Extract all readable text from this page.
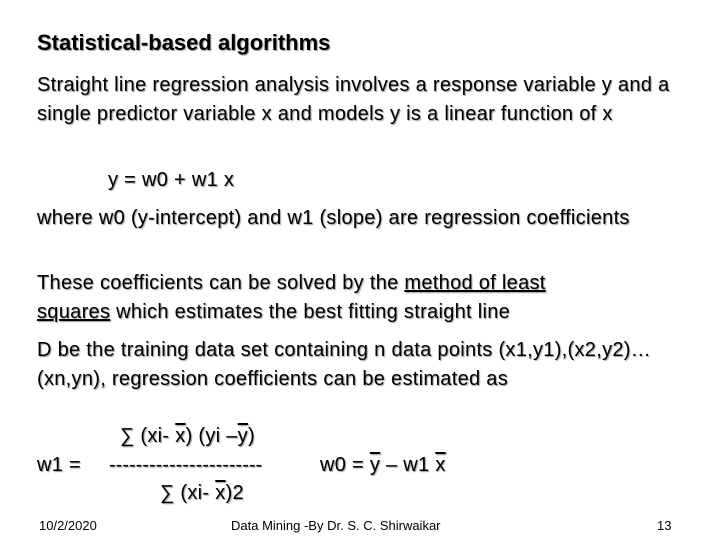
Statistical-based algorithms
Straight line regression analysis involves a response variable y and a single predictor variable x and models y is a linear function of x
y = w0 + w1 x
where w0 (y-intercept) and w1 (slope) are regression coefficients
These coefficients can be solved by the method of least
squares which estimates the best fitting straight line
D be the training data set containing n data points (x1,y1),(x2,y2)…(xn,yn), regression coefficients can be estimated as
∑ (xi- $\overline{x}$) (yi $-\overline{y}$)
w1 = -----------------------	$w0 = \overline{y} - w1$ $\overline{x}$
∑ (xi- $\overline{x})2$
10/2/2020	Data Mining -By Dr. S. C. Shirwaikar	13
